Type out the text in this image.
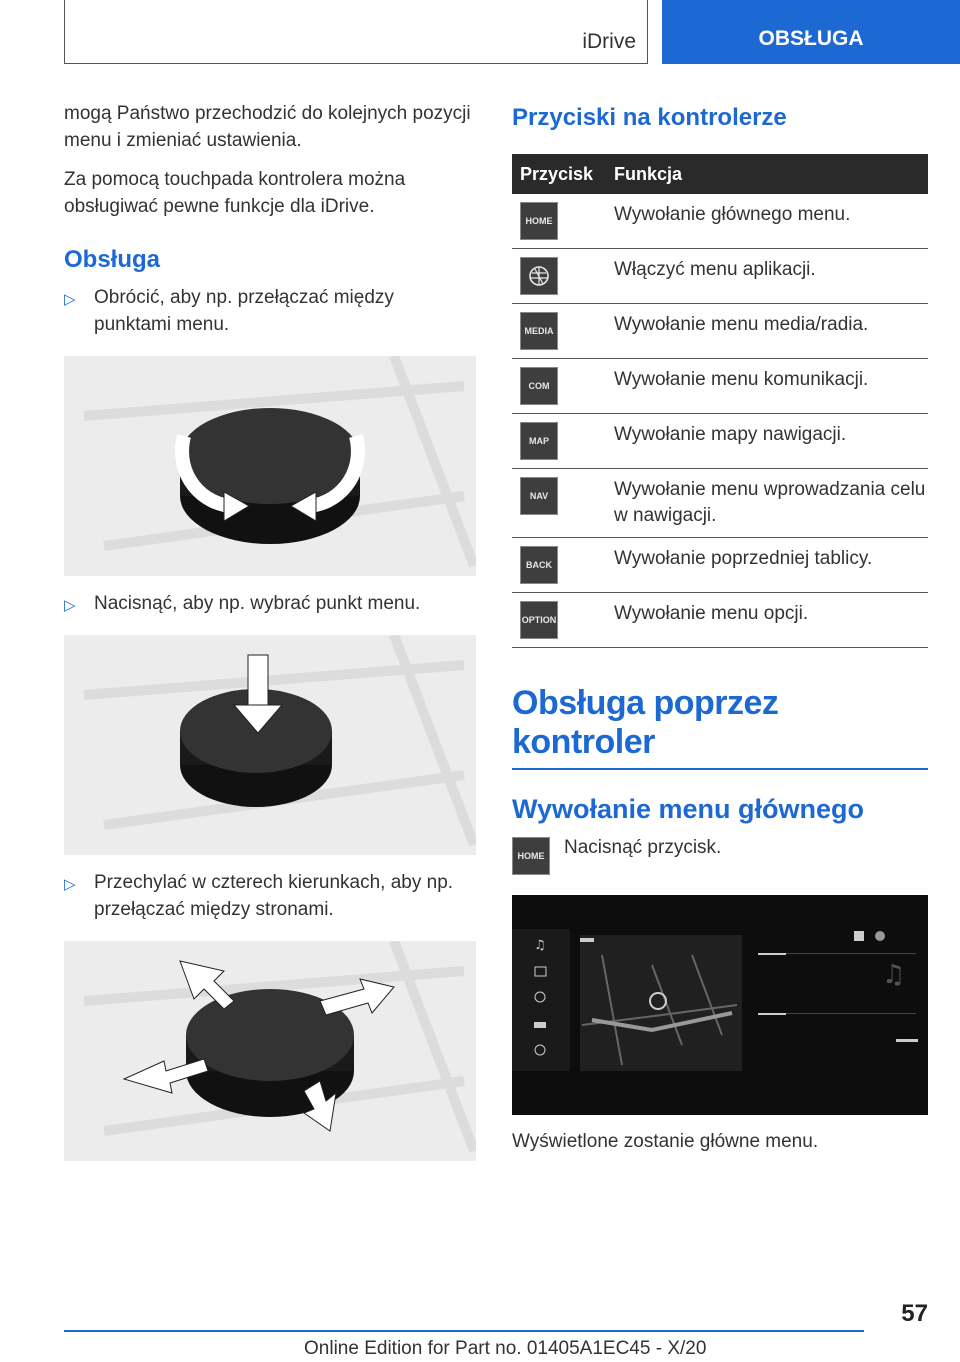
iDrive	OBSŁUGA

mogą Państwo przechodzić do kolejnych pozycji menu i zmieniać ustawienia.

Za pomocą touchpada kontrolera można obsługiwać pewne funkcje dla iDrive.

Obsługa
▷ Obrócić, aby np. przełączać między punktami menu.
▷ Nacisnąć, aby np. wybrać punkt menu.
▷ Przechylać w czterech kierunkach, aby np. przełączać między stronami.
Przyciski na kontrolerze
Przycisk	Funkcja

HOME	Wywołanie głównego menu.

	Włączyć menu aplikacji.

MEDIA	Wywołanie menu media/radia.

COM	Wywołanie menu komunikacji.

MAP	Wywołanie mapy nawigacji.

NAV	Wywołanie menu wprowadzania celu w nawigacji.

BACK	Wywołanie poprzedniej tablicy.

OPTION	Wywołanie menu opcji.
Obsługa poprzez kontroler
Wywołanie menu głównego
HOME Nacisnąć przycisk.
♫
♫
Wyświetlone zostanie główne menu.
57
Online Edition for Part no. 01405A1EC45 - X/20
